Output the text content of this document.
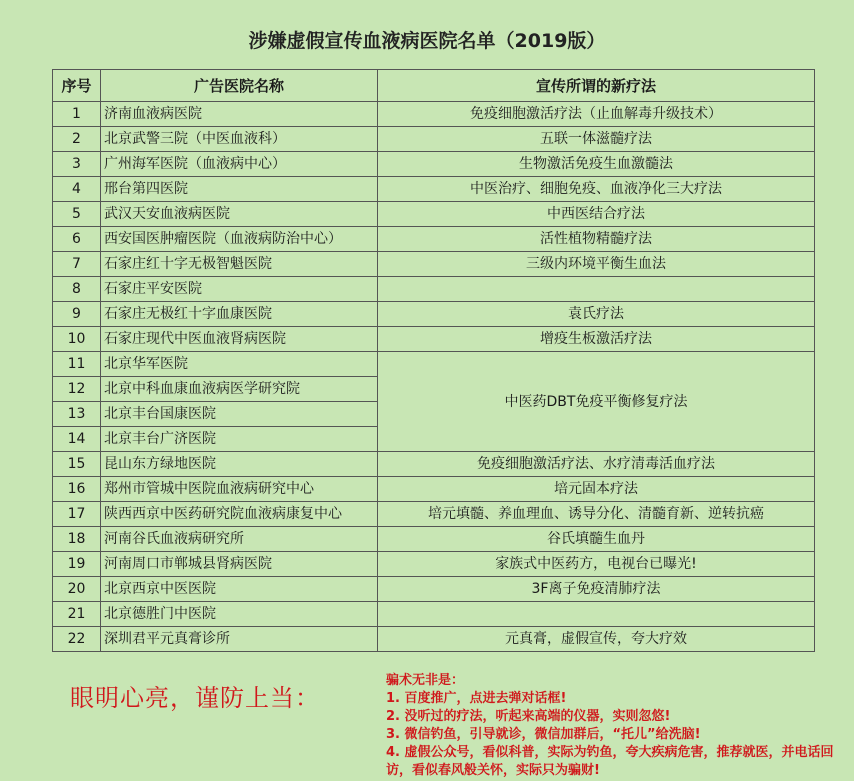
涉嫌虚假宣传血液病医院名单（2019版）
序号	广告医院名称	宣传所谓的新疗法
1	济南血液病医院	免疫细胞激活疗法（止血解毒升级技术）
2	北京武警三院（中医血液科）	五联一体滋髓疗法
3	广州海军医院（血液病中心）	生物激活免疫生血激髓法
4	邢台第四医院	中医治疗、细胞免疫、血液净化三大疗法
5	武汉天安血液病医院	中西医结合疗法
6	西安国医肿瘤医院（血液病防治中心）	活性植物精髓疗法
7	石家庄红十字无极智魁医院	三级内环境平衡生血法
8	石家庄平安医院	
9	石家庄无极红十字血康医院	袁氏疗法
10	石家庄现代中医血液肾病医院	增疫生板激活疗法
11	北京华军医院	中医药DBT免疫平衡修复疗法
12	北京中科血康血液病医学研究院	
13	北京丰台国康医院	
14	北京丰台广济医院	
15	昆山东方绿地医院	免疫细胞激活疗法、水疗清毒活血疗法
16	郑州市管城中医院血液病研究中心	培元固本疗法
17	陕西西京中医药研究院血液病康复中心	培元填髓、养血理血、诱导分化、清髓育新、逆转抗癌
18	河南谷氏血液病研究所	谷氏填髓生血丹
19	河南周口市郸城县肾病医院	家族式中医药方，电视台已曝光!
20	北京西京中医医院	3F离子免疫清肺疗法
21	北京德胜门中医院	
22	深圳君平元真膏诊所	元真膏，虚假宣传，夸大疗效
眼明心亮，谨防上当：
骗术无非是：
1. 百度推广，点进去弹对话框!
2. 没听过的疗法，听起来高端的仪器，实则忽悠!
3. 微信钓鱼，引导就诊，微信加群后，“托儿”给洗脑!
4. 虚假公众号，看似科普，实际为钓鱼，夸大疾病危害，推荐就医，并电话回访，看似春风般关怀，实际只为骗财!
